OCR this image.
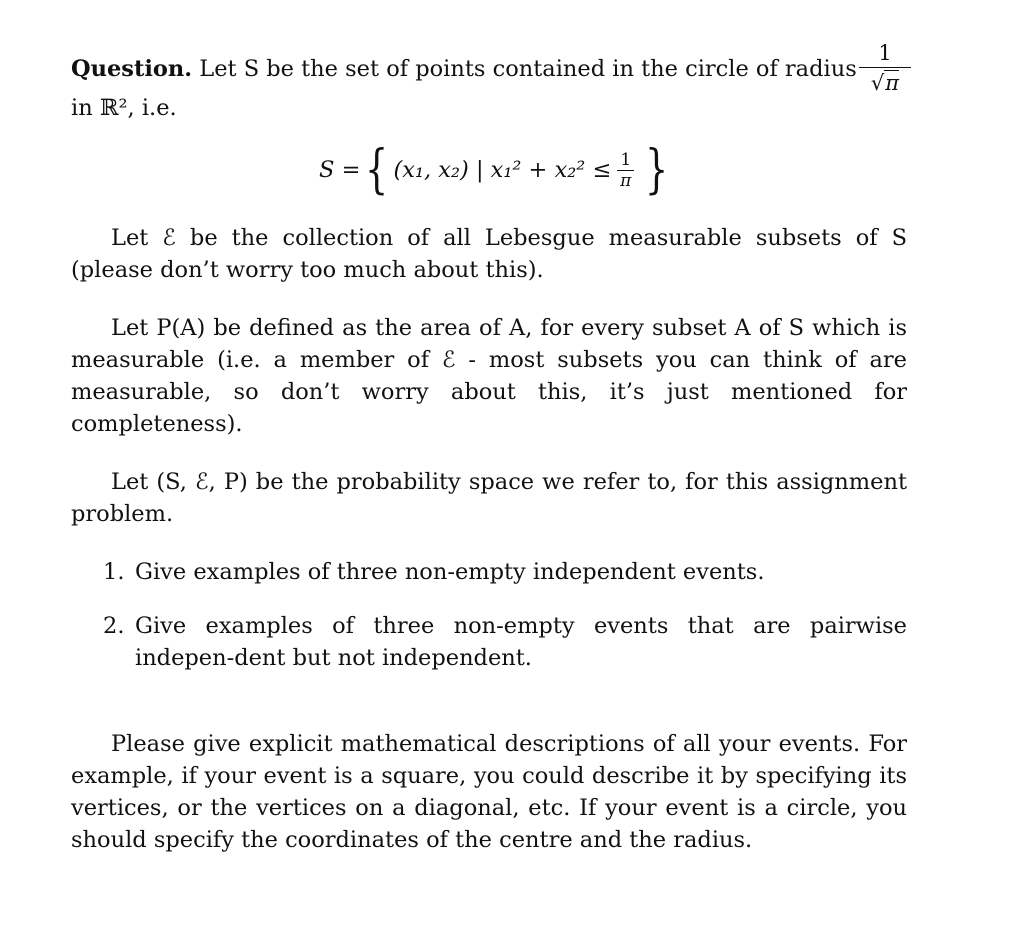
Question. Let S be the set of points contained in the circle of radius $\frac{1}{√\pi}$
in ℝ², i.e.
S = { (x₁, x₂) | $x_1^2 + x_2^2 \le \frac{1}{\pi}$ }

Let ℰ be the collection of all Lebesgue measurable subsets of S (please don’t worry too much about this).

Let P(A) be defined as the area of A, for every subset A of S which is measurable (i.e. a member of ℰ - most subsets you can think of are measurable, so don’t worry about this, it’s just mentioned for completeness).

Let (S, ℰ, P) be the probability space we refer to, for this assignment problem.

1. Give examples of three non-empty independent events.
2. Give examples of three non-empty events that are pairwise indepen-dent but not independent.

Please give explicit mathematical descriptions of all your events. For example, if your event is a square, you could describe it by specifying its vertices, or the vertices on a diagonal, etc. If your event is a circle, you should specify the coordinates of the centre and the radius.
